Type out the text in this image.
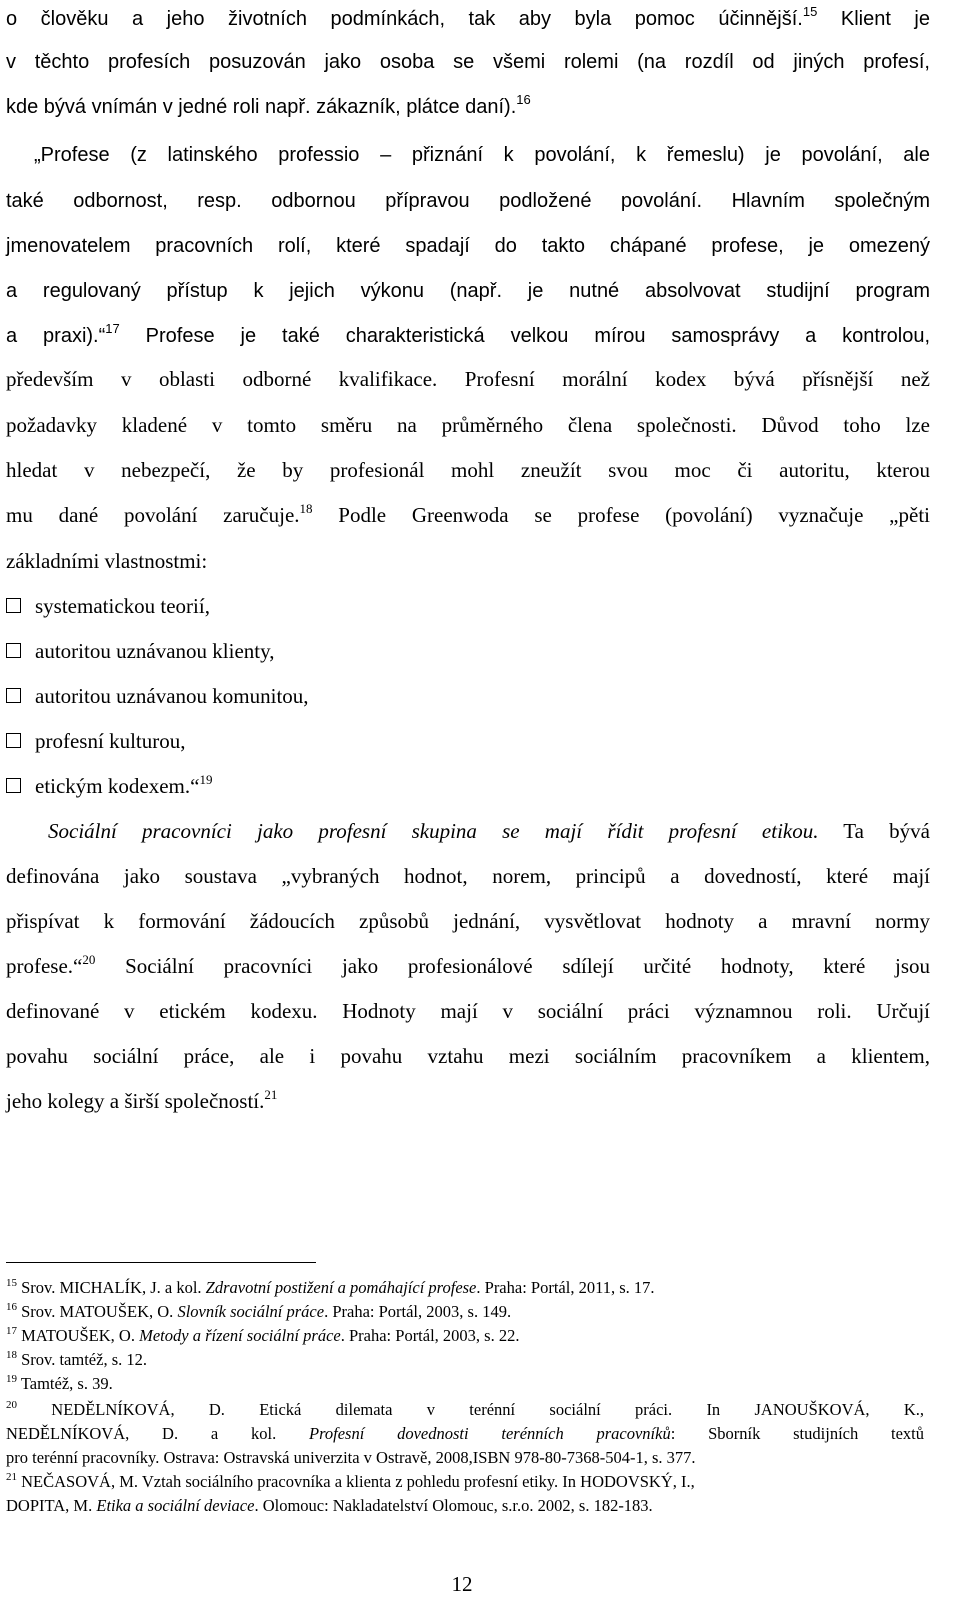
o člověku a jeho životních podmínkách, tak aby byla pomoc účinnější.$^{15}$ Klient je
v těchto profesích posuzován jako osoba se všemi rolemi (na rozdíl od jiných profesí,
kde bývá vnímán v jedné roli např. zákazník, plátce daní).$^{16}$
„Profese (z latinského professio – přiznání k povolání, k řemeslu) je povolání, ale
také odbornost, resp. odbornou přípravou podložené povolání. Hlavním společným
jmenovatelem pracovních rolí, které spadají do takto chápané profese, je omezený
a regulovaný přístup k jejich výkonu (např. je nutné absolvovat studijní program
a praxi).“$^{17}$ Profese je také charakteristická velkou mírou samosprávy a kontrolou,
především v oblasti odborné kvalifikace. Profesní morální kodex bývá přísnější než
požadavky kladené v tomto směru na průměrného člena společnosti. Důvod toho lze
hledat v nebezpečí, že by profesionál mohl zneužít svou moc či autoritu, kterou
mu dané povolání zaručuje.$^{18}$ Podle Greenwoda se profese (povolání) vyznačuje „pěti
základními vlastnostmi:
systematickou teorií,
autoritou uznávanou klienty,
autoritou uznávanou komunitou,
profesní kulturou,
etickým kodexem.“$^{19}$
Sociální pracovníci jako profesní skupina se mají řídit profesní etikou. Ta bývá
definována jako soustava „vybraných hodnot, norem, principů a dovedností, které mají
přispívat k formování žádoucích způsobů jednání, vysvětlovat hodnoty a mravní normy
profese.“$^{20}$ Sociální pracovníci jako profesionálové sdílejí určité hodnoty, které jsou
definované v etickém kodexu. Hodnoty mají v sociální práci významnou roli. Určují
povahu sociální práce, ale i povahu vztahu mezi sociálním pracovníkem a klientem,
jeho kolegy a širší společností.$^{21}$
$^{15}$ Srov. MICHALÍK, J. a kol. Zdravotní postižení a pomáhající profese. Praha: Portál, 2011, s. 17.
$^{16}$ Srov. MATOUŠEK, O. Slovník sociální práce. Praha: Portál, 2003, s. 149.
$^{17}$ MATOUŠEK, O. Metody a řízení sociální práce. Praha: Portál, 2003, s. 22.
$^{18}$ Srov. tamtéž, s. 12.
$^{19}$ Tamtéž, s. 39.
$^{20}$ NEDĚLNÍKOVÁ, D. Etická dilemata v terénní sociální práci. In JANOUŠKOVÁ, K.,
NEDĚLNÍKOVÁ, D. a kol. Profesní dovednosti terénních pracovníků: Sborník studijních textů
pro terénní pracovníky. Ostrava: Ostravská univerzita v Ostravě, 2008,ISBN 978-80-7368-504-1, s. 377.
$^{21}$ NEČASOVÁ, M. Vztah sociálního pracovníka a klienta z pohledu profesní etiky. In HODOVSKÝ, I.,
DOPITA, M. Etika a sociální deviace. Olomouc: Nakladatelství Olomouc, s.r.o. 2002, s. 182-183.
12
